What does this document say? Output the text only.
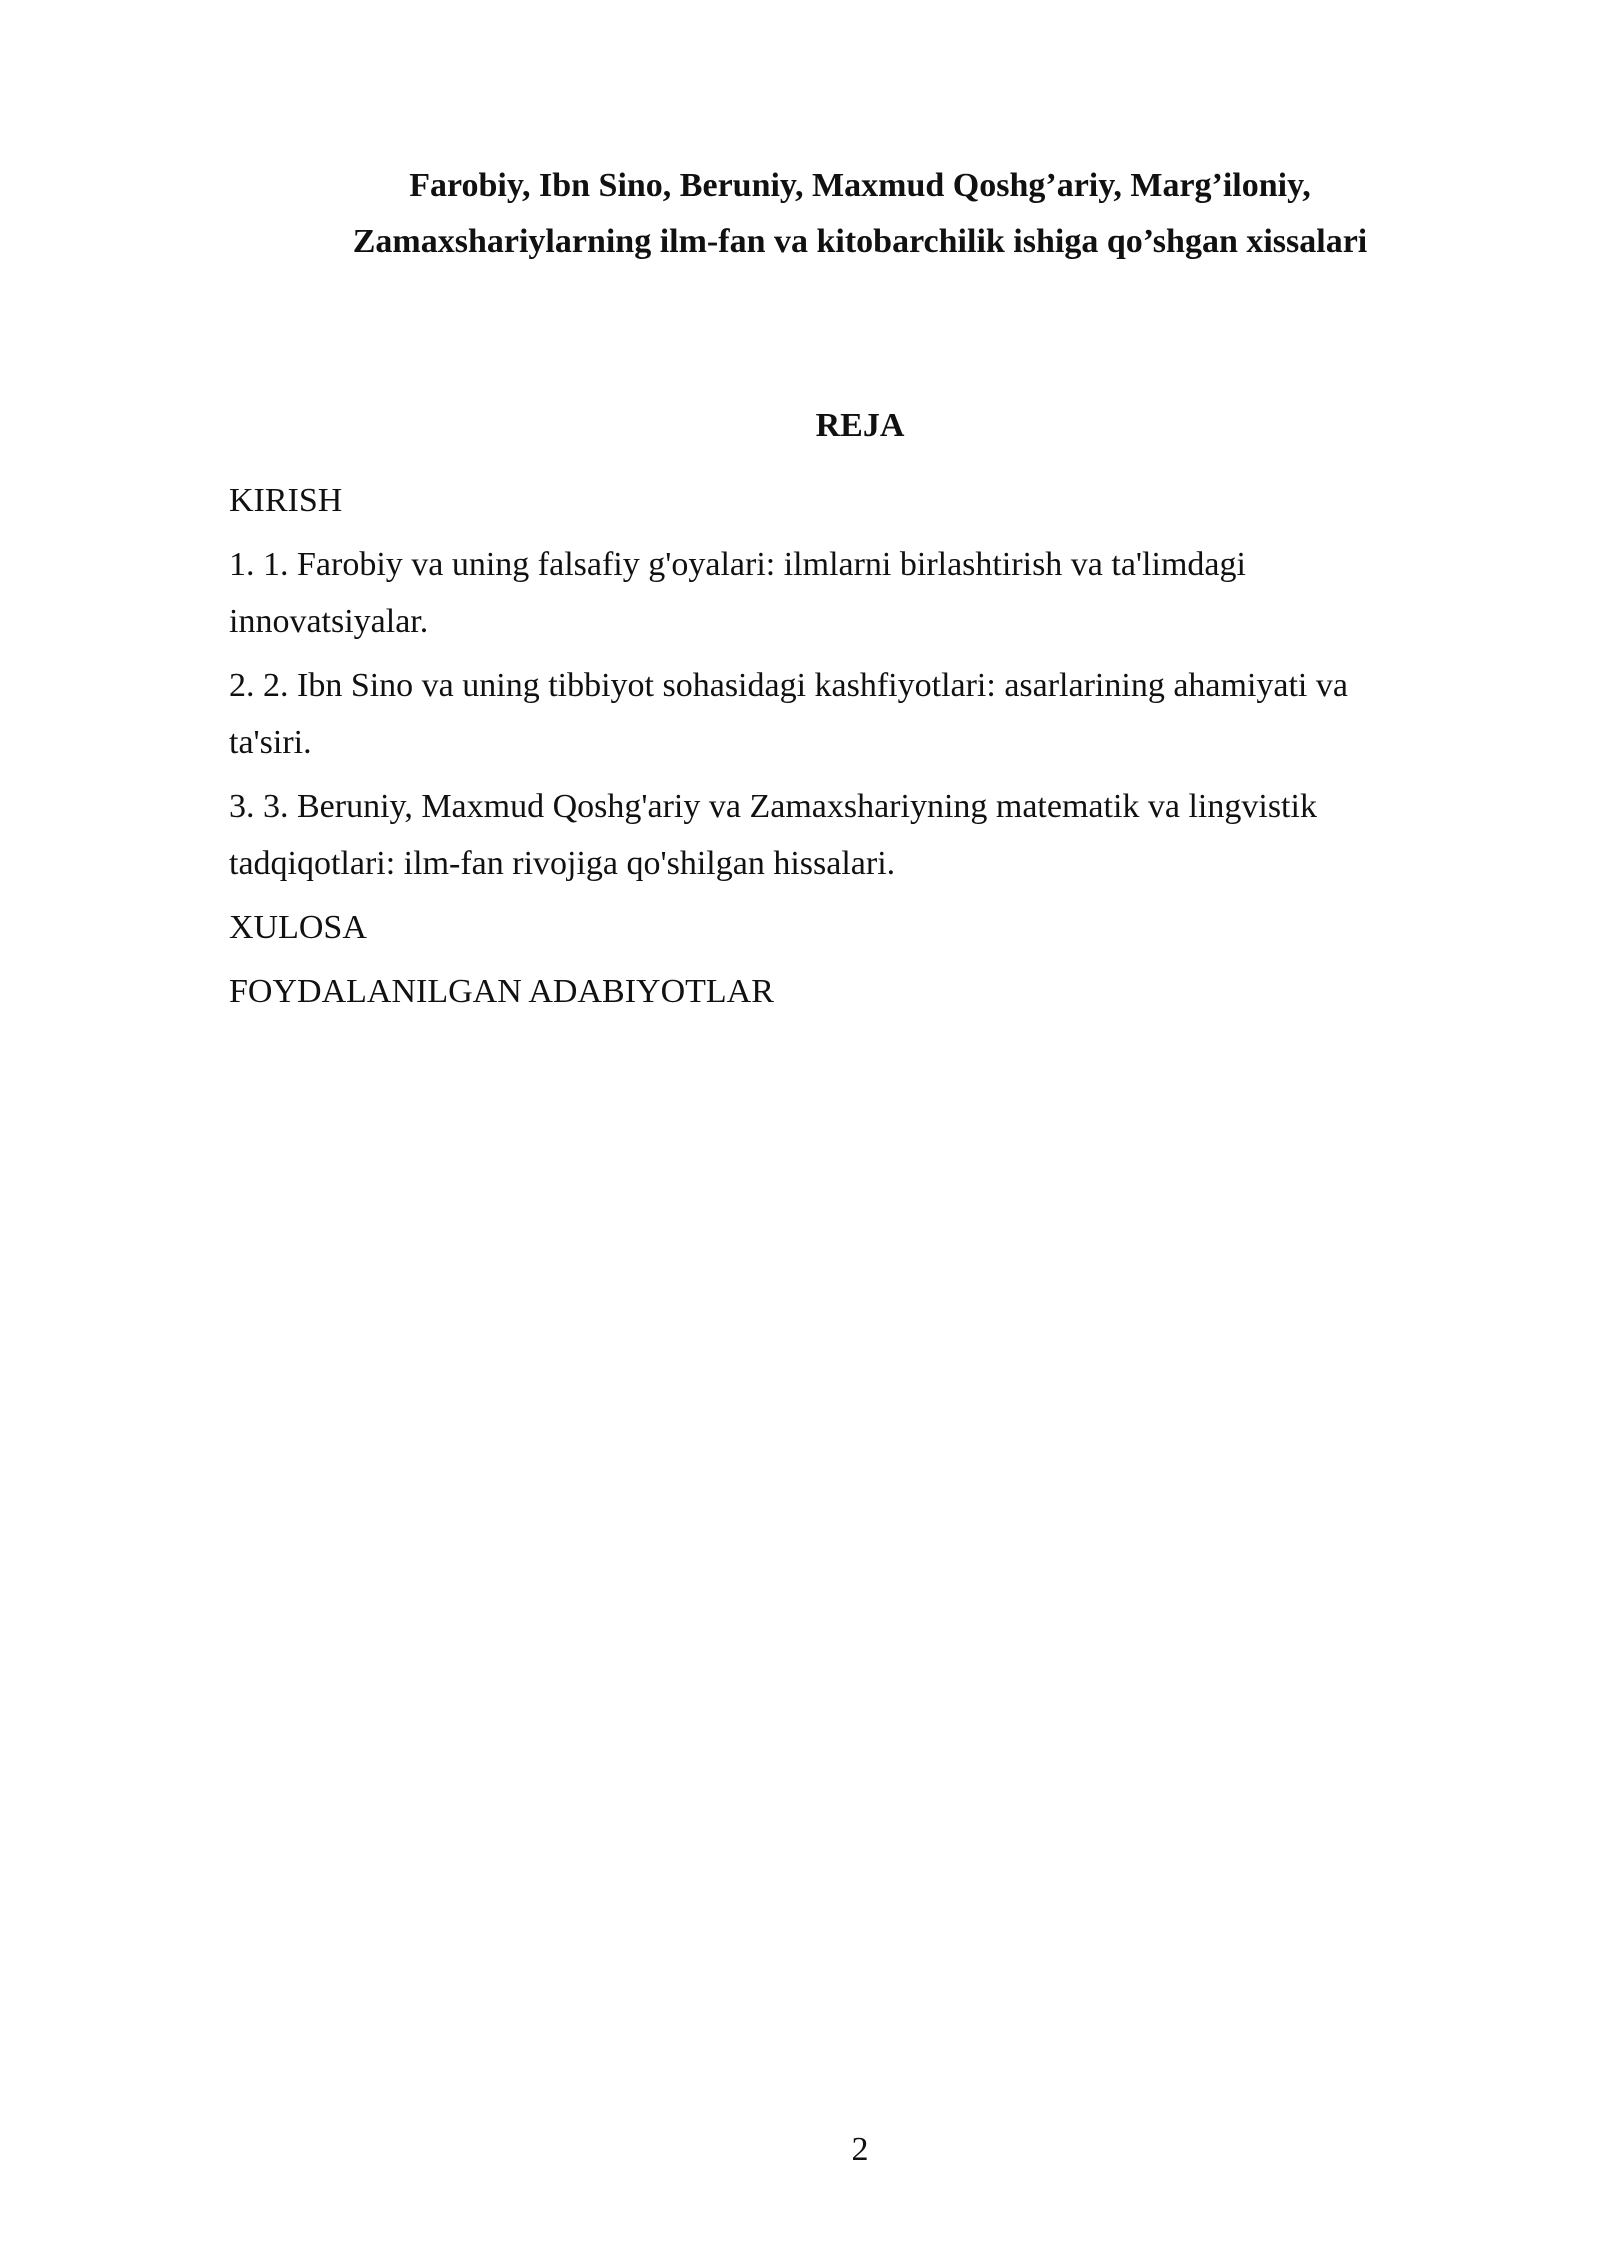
Farobiy, Ibn Sino, Beruniy, Maxmud Qoshg’ariy, Marg’iloniy,
Zamaxshariylarning ilm-fan va kitobarchilik ishiga qo’shgan xissalari
REJA

KIRISH

1. 1. Farobiy va uning falsafiy g'oyalari: ilmlarni birlashtirish va ta'limdagi
innovatsiyalar.

2. 2. Ibn Sino va uning tibbiyot sohasidagi kashfiyotlari: asarlarining ahamiyati va
ta'siri.

3. 3. Beruniy, Maxmud Qoshg'ariy va Zamaxshariyning matematik va lingvistik
tadqiqotlari: ilm-fan rivojiga qo'shilgan hissalari.

XULOSA

FOYDALANILGAN ADABIYOTLAR

2
